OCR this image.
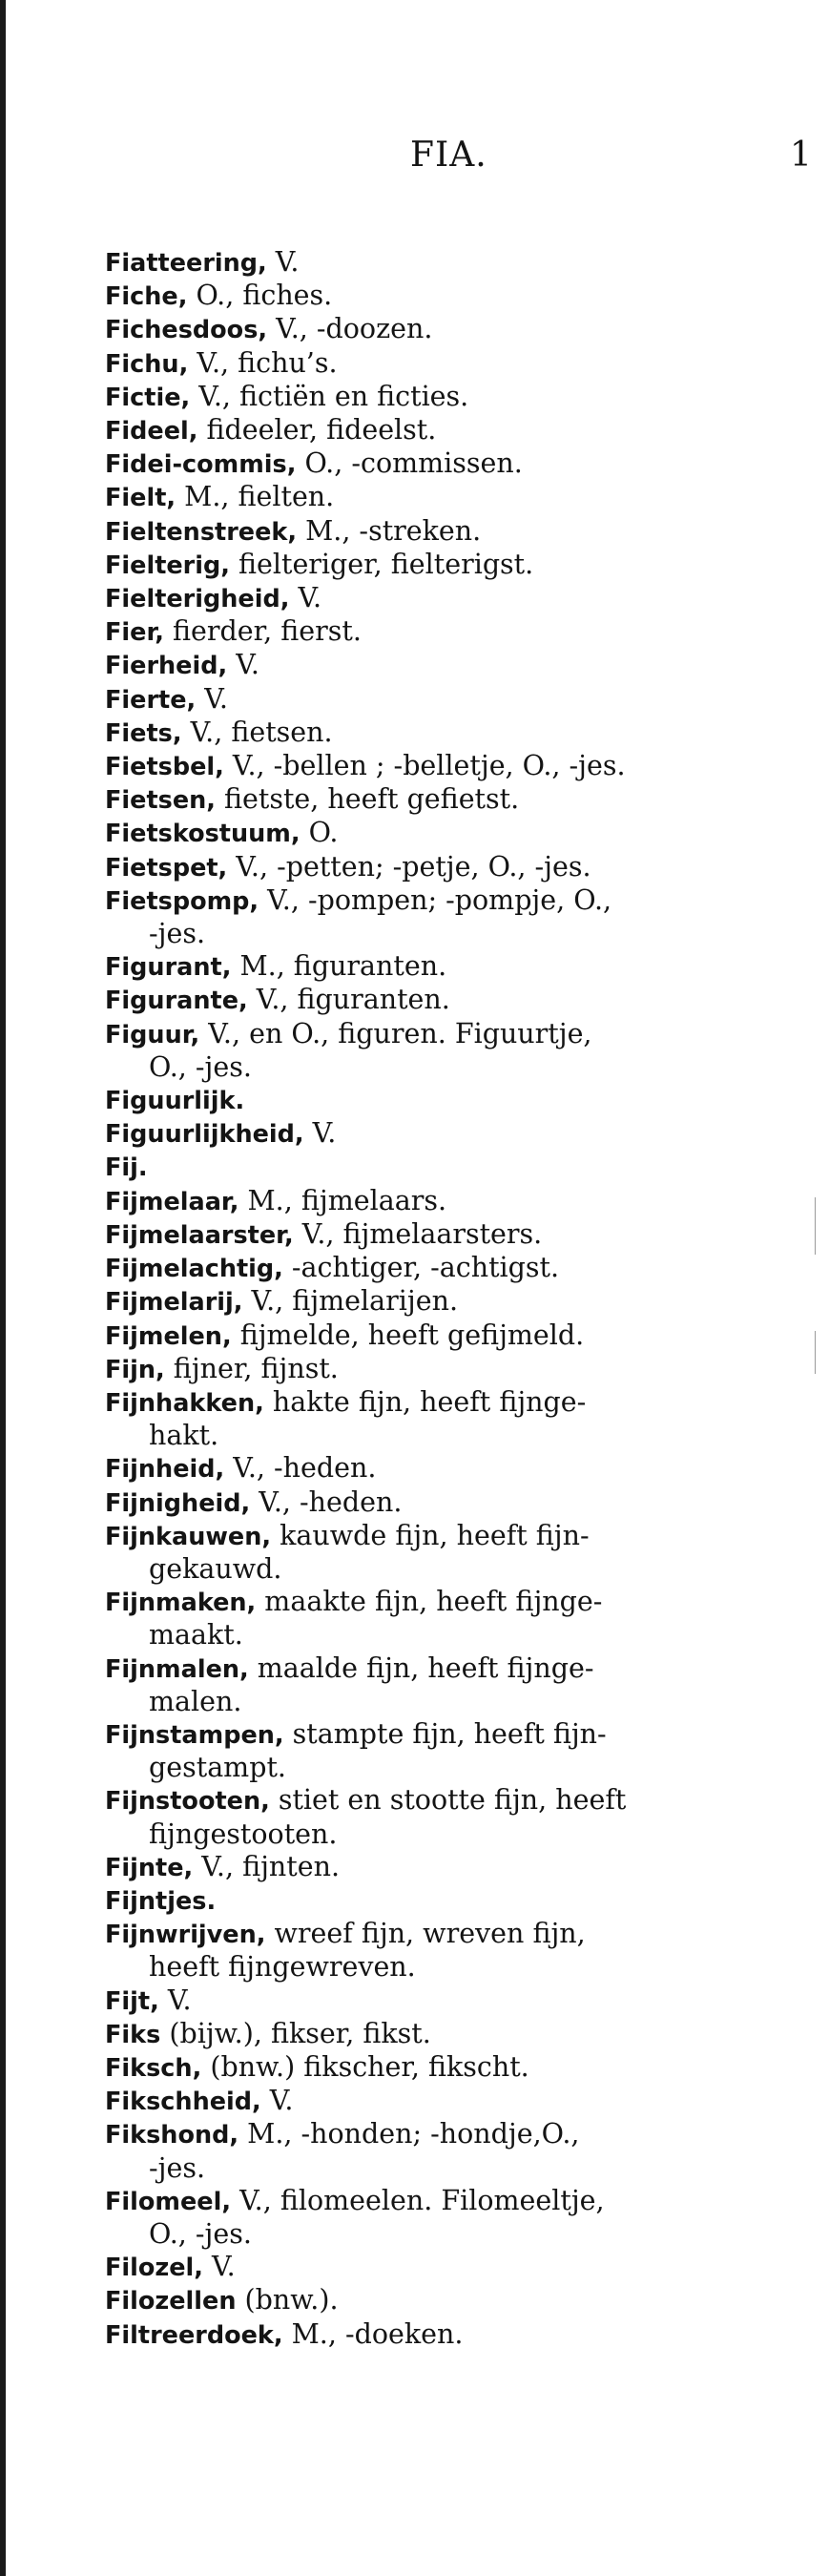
FIA.	1
Fiatteering, V.
Fiche, O., fiches.
Fichesdoos, V., -doozen.
Fichu, V., fichu’s.
Fictie, V., fictiën en ficties.
Fideel, fideeler, fideelst.
Fidei-commis, O., -commissen.
Fielt, M., fielten.
Fieltenstreek, M., -streken.
Fielterig, fielteriger, fielterigst.
Fielterigheid, V.
Fier, fierder, fierst.
Fierheid, V.
Fierte, V.
Fiets, V., fietsen.
Fietsbel, V., -bellen ; -belletje, O., -jes.
Fietsen, fietste, heeft gefietst.
Fietskostuum, O.
Fietspet, V., -petten; -petje, O., -jes.
Fietspomp, V., -pompen; -pompje, O.,
-jes.
Figurant, M., figuranten.
Figurante, V., figuranten.
Figuur, V., en O., figuren. Figuurtje,
O., -jes.
Figuurlijk.
Figuurlijkheid, V.
Fij.
Fijmelaar, M., fijmelaars.
Fijmelaarster, V., fijmelaarsters.
Fijmelachtig, -achtiger, -achtigst.
Fijmelarij, V., fijmelarijen.
Fijmelen, fijmelde, heeft gefijmeld.
Fijn, fijner, fijnst.
Fijnhakken, hakte fijn, heeft fijnge-
hakt.
Fijnheid, V., -heden.
Fijnigheid, V., -heden.
Fijnkauwen, kauwde fijn, heeft fijn-
gekauwd.
Fijnmaken, maakte fijn, heeft fijnge-
maakt.
Fijnmalen, maalde fijn, heeft fijnge-
malen.
Fijnstampen, stampte fijn, heeft fijn-
gestampt.
Fijnstooten, stiet en stootte fijn, heeft
fijngestooten.
Fijnte, V., fijnten.
Fijntjes.
Fijnwrijven, wreef fijn, wreven fijn,
heeft fijngewreven.
Fijt, V.
Fiks (bijw.), fikser, fikst.
Fiksch, (bnw.) fikscher, fikscht.
Fikschheid, V.
Fikshond, M., -honden; -hondje,O.,
-jes.
Filomeel, V., filomeelen. Filomeeltje,
O., -jes.
Filozel, V.
Filozellen (bnw.).
Filtreerdoek, M., -doeken.
